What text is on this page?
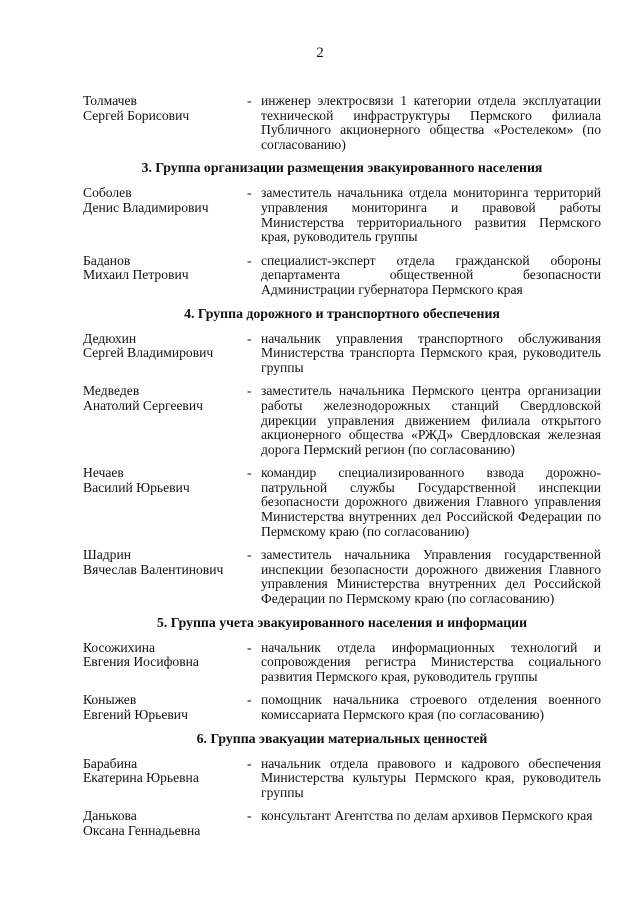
2
Толмачев
Сергей Борисович
- инженер электросвязи 1 категории отдела эксплуатации технической инфраструктуры Пермского филиала Публичного акционерного общества «Ростелеком» (по согласованию)
3. Группа организации размещения эвакуированного населения
Соболев
Денис Владимирович
- заместитель начальника отдела мониторинга территорий управления мониторинга и правовой работы Министерства территориального развития Пермского края, руководитель группы
Баданов
Михаил Петрович
- специалист-эксперт отдела гражданской обороны департамента общественной безопасности Администрации губернатора Пермского края
4. Группа дорожного и транспортного обеспечения
Дедюхин
Сергей Владимирович
- начальник управления транспортного обслуживания Министерства транспорта Пермского края, руководитель группы
Медведев
Анатолий Сергеевич
- заместитель начальника Пермского центра организации работы железнодорожных станций Свердловской дирекции управления движением филиала открытого акционерного общества «РЖД» Свердловская железная дорога Пермский регион (по согласованию)
Нечаев
Василий Юрьевич
- командир специализированного взвода дорожно-патрульной службы Государственной инспекции безопасности дорожного движения Главного управления Министерства внутренних дел Российской Федерации по Пермскому краю (по согласованию)
Шадрин
Вячеслав Валентинович
- заместитель начальника Управления государственной инспекции безопасности дорожного движения Главного управления Министерства внутренних дел Российской Федерации по Пермскому краю (по согласованию)
5. Группа учета эвакуированного населения и информации
Косожихина
Евгения Иосифовна
- начальник отдела информационных технологий и сопровождения регистра Министерства социального развития Пермского края, руководитель группы
Коныжев
Евгений Юрьевич
- помощник начальника строевого отделения военного комиссариата Пермского края (по согласованию)
6. Группа эвакуации материальных ценностей
Барабина
Екатерина Юрьевна
- начальник отдела правового и кадрового обеспечения Министерства культуры Пермского края, руководитель группы
Данькова
Оксана Геннадьевна
- консультант Агентства по делам архивов Пермского края
